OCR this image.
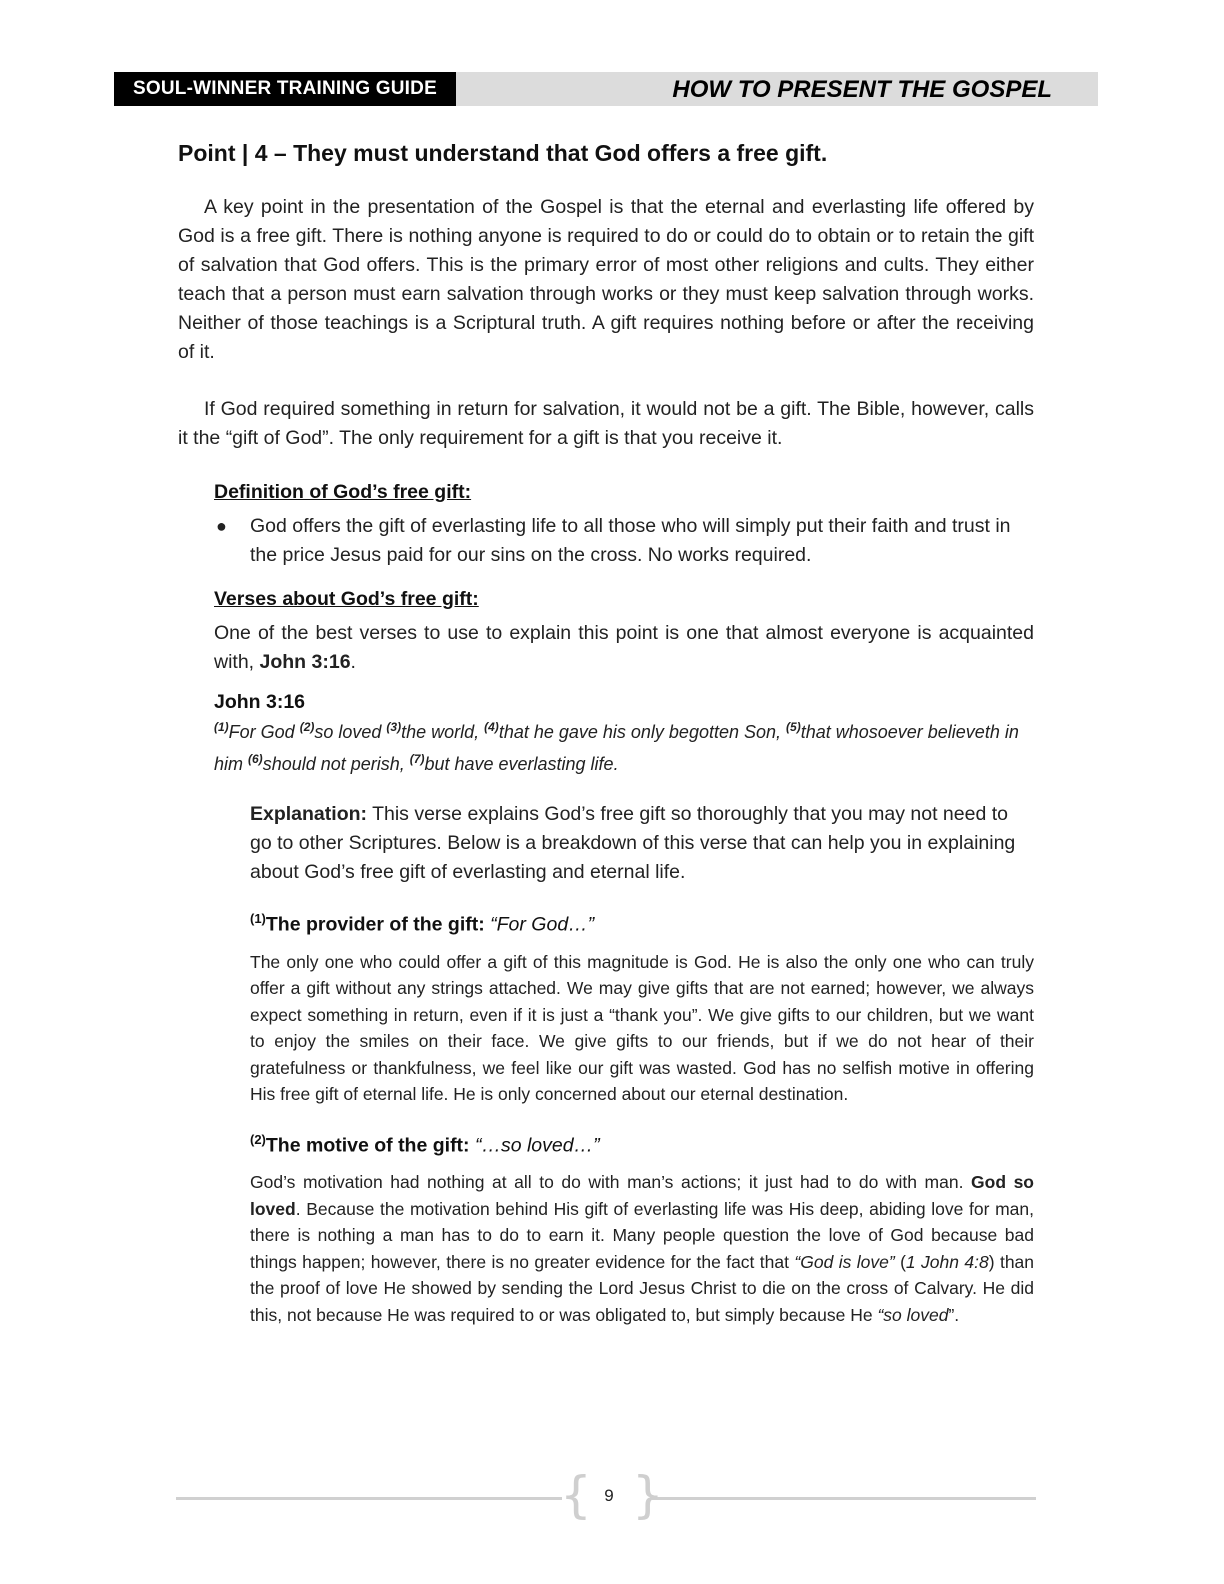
SOUL-WINNER TRAINING GUIDE	HOW TO PRESENT THE GOSPEL
Point | 4 – They must understand that God offers a free gift.

A key point in the presentation of the Gospel is that the eternal and everlasting life offered by God is a free gift. There is nothing anyone is required to do or could do to obtain or to retain the gift of salvation that God offers. This is the primary error of most other religions and cults. They either teach that a person must earn salvation through works or they must keep salvation through works. Neither of those teachings is a Scriptural truth. A gift requires nothing before or after the receiving of it.

If God required something in return for salvation, it would not be a gift. The Bible, however, calls it the “gift of God”. The only requirement for a gift is that you receive it.

Definition of God’s free gift:
● God offers the gift of everlasting life to all those who will simply put their faith and trust in the price Jesus paid for our sins on the cross. No works required.
Verses about God’s free gift:

One of the best verses to use to explain this point is one that almost everyone is acquainted with, John 3:16.

John 3:16
$^{(1)}$For God $^{(2)}$so loved $^{(3)}$the world, $^{(4)}$that he gave his only begotten Son, $^{(5)}$that whosoever believeth in him $^{(6)}$should not perish, $^{(7)}$but have everlasting life.

Explanation: This verse explains God’s free gift so thoroughly that you may not need to go to other Scriptures. Below is a breakdown of this verse that can help you in explaining about God’s free gift of everlasting and eternal life.

$^{(1)}$The provider of the gift: “For God…”

The only one who could offer a gift of this magnitude is God. He is also the only one who can truly offer a gift without any strings attached. We may give gifts that are not earned; however, we always expect something in return, even if it is just a “thank you”. We give gifts to our children, but we want to enjoy the smiles on their face. We give gifts to our friends, but if we do not hear of their gratefulness or thankfulness, we feel like our gift was wasted. God has no selfish motive in offering His free gift of eternal life. He is only concerned about our eternal destination.

$^{(2)}$The motive of the gift: “…so loved…”

God’s motivation had nothing at all to do with man’s actions; it just had to do with man. God so loved. Because the motivation behind His gift of everlasting life was His deep, abiding love for man, there is nothing a man has to do to earn it. Many people question the love of God because bad things happen; however, there is no greater evidence for the fact that “God is love” (1 John 4:8) than the proof of love He showed by sending the Lord Jesus Christ to die on the cross of Calvary. He did this, not because He was required to or was obligated to, but simply because He “so loved”.

{ }
9
